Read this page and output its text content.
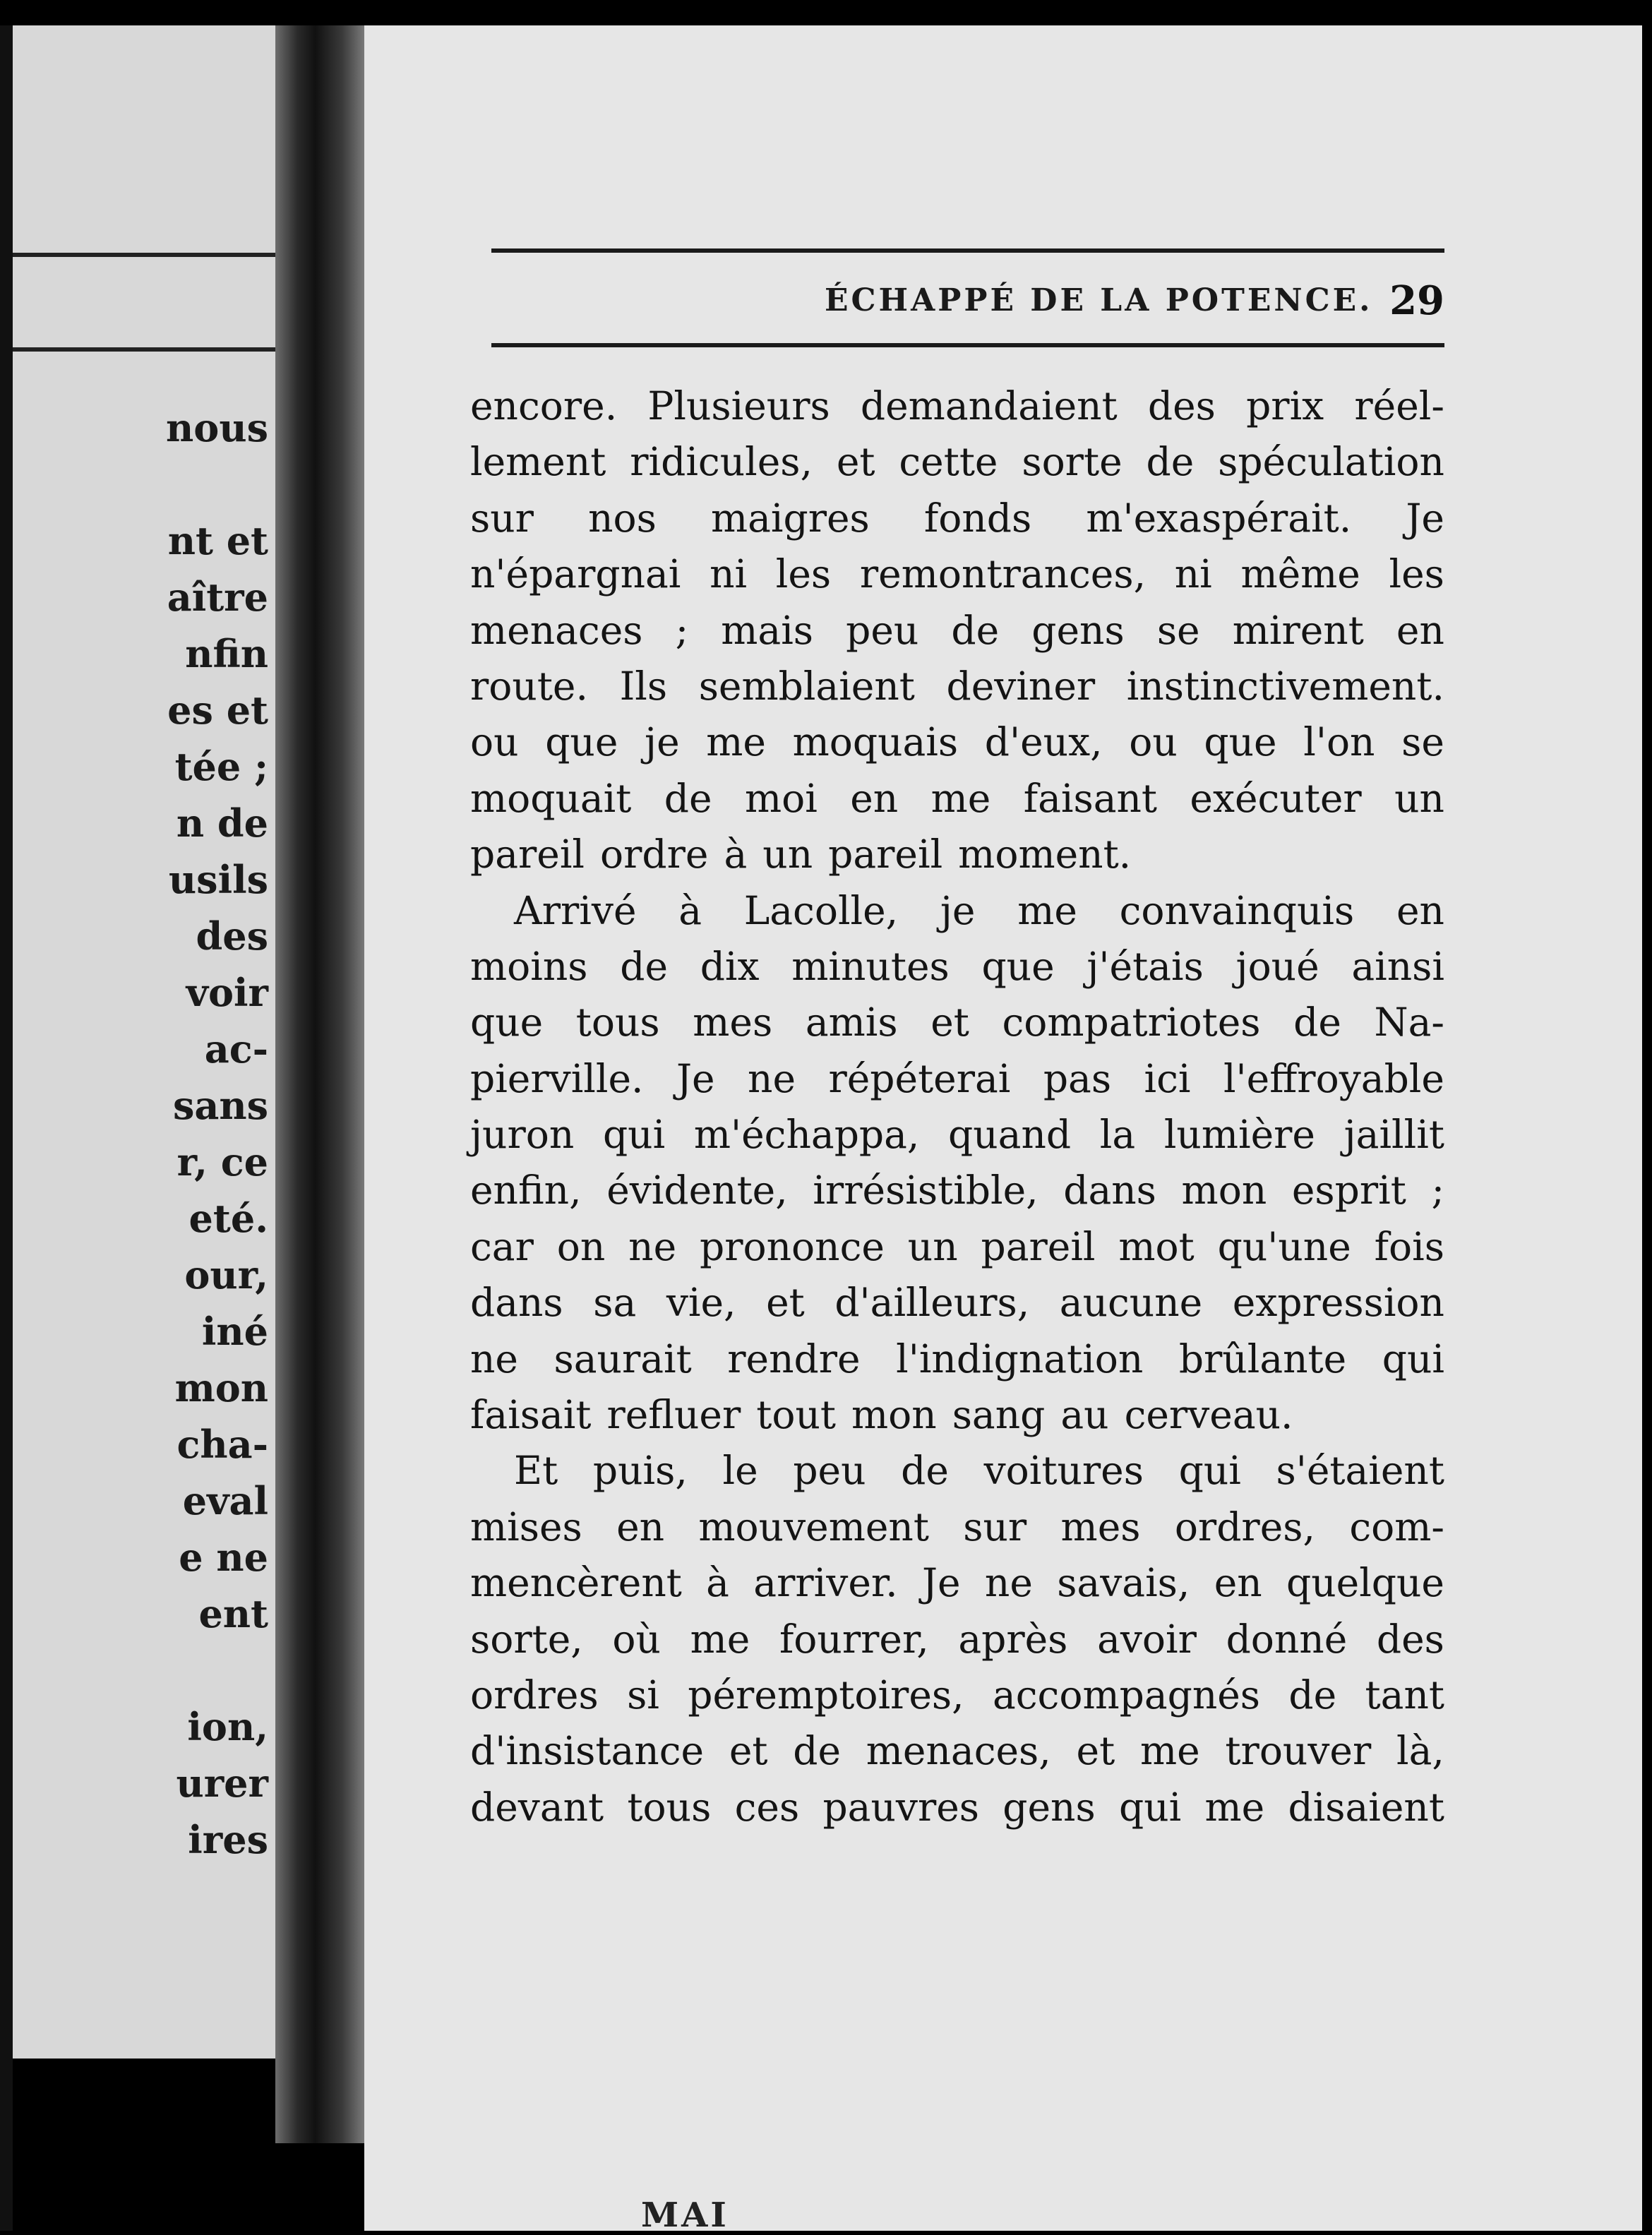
nous
nt et
aître
nfin
es et
tée ;
n de
usils
des
voir
ac-
sans
r, ce
eté.
our,
iné
mon
cha-
eval
e ne
ent
ion,
urer
ires
ÉCHAPPÉ DE LA POTENCE. 29
encore. Plusieurs demandaient des prix réel-
lement ridicules, et cette sorte de spéculation
sur nos maigres fonds m'exaspérait. Je
n'épargnai ni les remontrances, ni même les
menaces ; mais peu de gens se mirent en
route. Ils semblaient deviner instinctivement.
ou que je me moquais d'eux, ou que l'on se
moquait de moi en me faisant exécuter un
pareil ordre à un pareil moment.
Arrivé à Lacolle, je me convainquis en
moins de dix minutes que j'étais joué ainsi
que tous mes amis et compatriotes de Na-
pierville. Je ne répéterai pas ici l'effroyable
juron qui m'échappa, quand la lumière jaillit
enfin, évidente, irrésistible, dans mon esprit ;
car on ne prononce un pareil mot qu'une fois
dans sa vie, et d'ailleurs, aucune expression
ne saurait rendre l'indignation brûlante qui
faisait refluer tout mon sang au cerveau.
Et puis, le peu de voitures qui s'étaient
mises en mouvement sur mes ordres, com-
mencèrent à arriver. Je ne savais, en quelque
sorte, où me fourrer, après avoir donné des
ordres si péremptoires, accompagnés de tant
d'insistance et de menaces, et me trouver là,
devant tous ces pauvres gens qui me disaient
MAI
